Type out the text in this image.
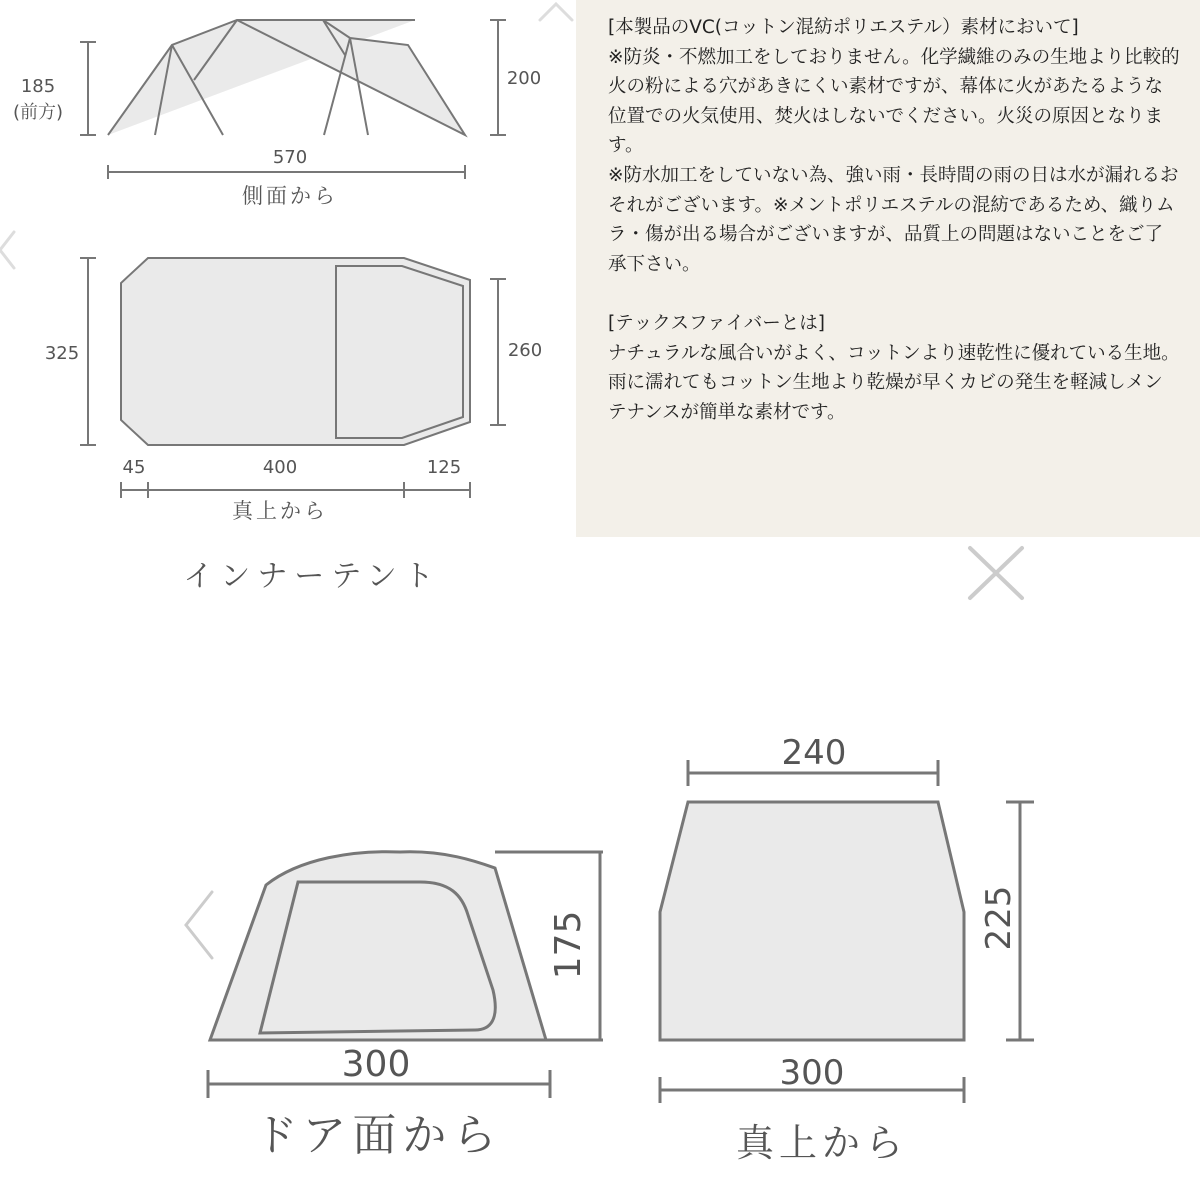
185
(前方)
200
570
側面から
325	260
45	400	125
真上から
インナーテント
175
300
ドア面から
240
225
300
真上から

[本製品のVC(コットン混紡ポリエステル）素材において]

※防炎・不燃加工をしておりません。化学繊維のみの生地より比較的火の粉による穴があきにくい素材ですが、幕体に火があたるような位置での火気使用、焚火はしないでください。火災の原因となります。

※防水加工をしていない為、強い雨・長時間の雨の日は水が漏れるおそれがございます。※メントポリエステルの混紡であるため、織りムラ・傷が出る場合がございますが、品質上の問題はないことをご了承下さい。

[テックスファイバーとは]

ナチュラルな風合いがよく、コットンより速乾性に優れている生地。雨に濡れてもコットン生地より乾燥が早くカビの発生を軽減しメンテナンスが簡単な素材です。
